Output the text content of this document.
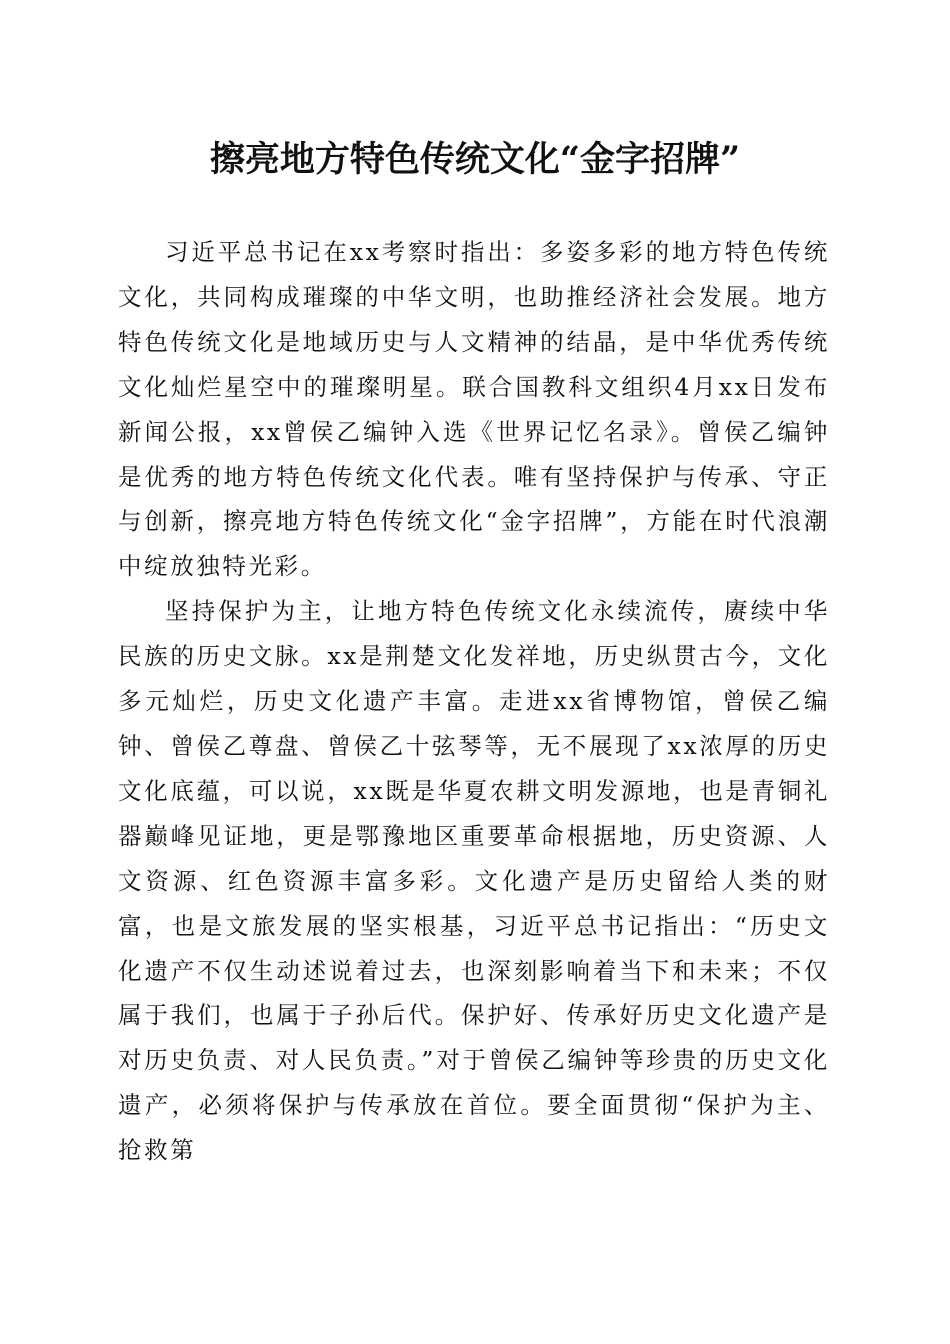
擦亮地方特色传统文化“金字招牌”

习近平总书记在xx考察时指出：多姿多彩的地方特色传统文化，共同构成璀璨的中华文明，也助推经济社会发展。地方特色传统文化是地域历史与人文精神的结晶，是中华优秀传统文化灿烂星空中的璀璨明星。联合国教科文组织4月xx日发布新闻公报，xx曾侯乙编钟入选《世界记忆名录》。曾侯乙编钟是优秀的地方特色传统文化代表。唯有坚持保护与传承、守正与创新，擦亮地方特色传统文化“金字招牌”，方能在时代浪潮中绽放独特光彩。

坚持保护为主，让地方特色传统文化永续流传，赓续中华民族的历史文脉。xx是荆楚文化发祥地，历史纵贯古今，文化多元灿烂，历史文化遗产丰富。走进xx省博物馆，曾侯乙编钟、曾侯乙尊盘、曾侯乙十弦琴等，无不展现了xx浓厚的历史文化底蕴，可以说，xx既是华夏农耕文明发源地，也是青铜礼器巅峰见证地，更是鄂豫地区重要革命根据地，历史资源、人文资源、红色资源丰富多彩。文化遗产是历史留给人类的财富，也是文旅发展的坚实根基，习近平总书记指出：“历史文化遗产不仅生动述说着过去，也深刻影响着当下和未来；不仅属于我们，也属于子孙后代。保护好、传承好历史文化遗产是对历史负责、对人民负责。”对于曾侯乙编钟等珍贵的历史文化遗产，必须将保护与传承放在首位。要全面贯彻“保护为主、抢救第
